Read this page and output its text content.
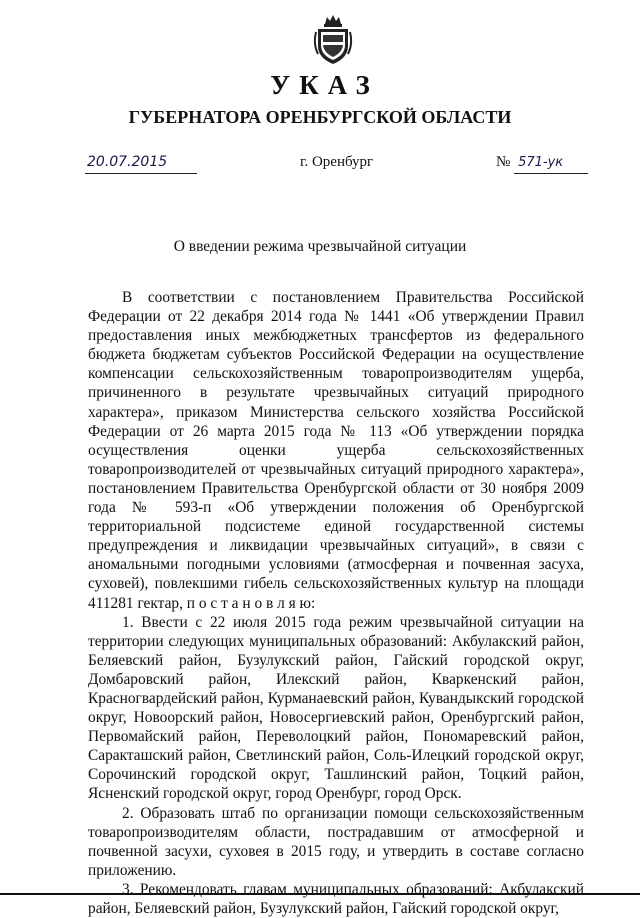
УКАЗ
ГУБЕРНАТОРА ОРЕНБУРГСКОЙ ОБЛАСТИ
20.07.2015	г. Оренбург	№ 571-ук
О введении режима чрезвычайной ситуации

В соответствии с постановлением Правительства Российской Федерации от 22 декабря 2014 года № 1441 «Об утверждении Правил предоставления иных межбюджетных трансфертов из федерального бюджета бюджетам субъектов Российской Федерации на осуществление компенсации сельскохозяйственным товаропроизводителям ущерба, причиненного в результате чрезвычайных ситуаций природного характера», приказом Министерства сельского хозяйства Российской Федерации от 26 марта 2015 года № 113 «Об утверждении порядка осуществления оценки ущерба сельскохозяйственных товаропроизводителей от чрезвычайных ситуаций природного характера», постановлением Правительства Оренбургской области от 30 ноября 2009 года № 593-п «Об утверждении положения об Оренбургской территориальной подсистеме единой государственной системы предупреждения и ликвидации чрезвычайных ситуаций», в связи с аномальными погодными условиями (атмосферная и почвенная засуха, суховей), повлекшими гибель сельскохозяйственных культур на площади 411281 гектар, п о с т а н о в л я ю:

1. Ввести с 22 июля 2015 года режим чрезвычайной ситуации на территории следующих муниципальных образований: Акбулакский район, Беляевский район, Бузулукский район, Гайский городской округ, Домбаровский район, Илекский район, Кваркенский район, Красногвардейский район, Курманаевский район, Кувандыкский городской округ, Новоорский район, Новосергиевский район, Оренбургский район, Первомайский район, Переволоцкий район, Пономаревский район, Саракташский район, Светлинский район, Соль-Илецкий городской округ, Сорочинский городской округ, Ташлинский район, Тоцкий район, Ясненский городской округ, город Оренбург, город Орск.

2. Образовать штаб по организации помощи сельскохозяйственным товаропроизводителям области, пострадавшим от атмосферной и почвенной засухи, суховея в 2015 году, и утвердить в составе согласно приложению.

3. Рекомендовать главам муниципальных образований: Акбулакский район, Беляевский район, Бузулукский район, Гайский городской округ,
